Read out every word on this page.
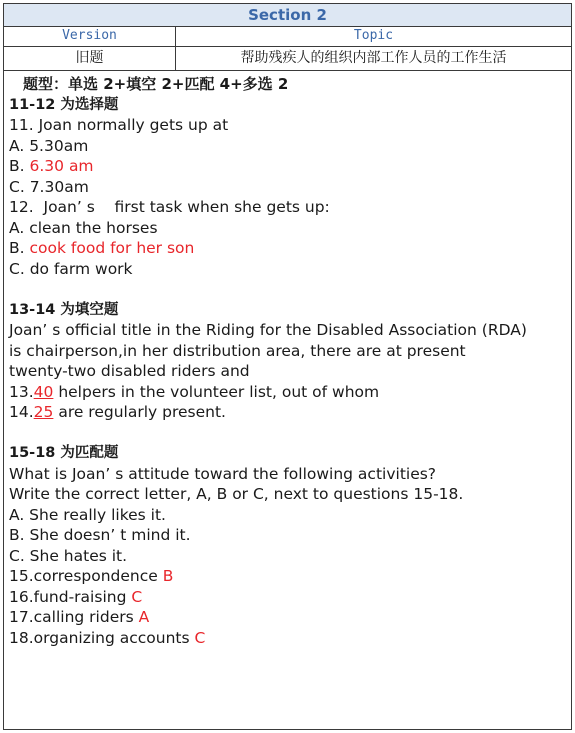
Section 2
Version	Topic
旧题	帮助残疾人的组织内部工作人员的工作生活
题型：单选 2+填空 2+匹配 4+多选 2
11-12 为选择题
11. Joan normally gets up at
A. 5.30am
B. 6.30 am
C. 7.30am
12.  Joan’ s    first task when she gets up:
A. clean the horses
B. cook food for her son
C. do farm work
13-14 为填空题
Joan’ s official title in the Riding for the Disabled Association (RDA)
is chairperson,in her distribution area, there are at present
twenty-two disabled riders and
13.40 helpers in the volunteer list, out of whom
14.25 are regularly present.
15-18 为匹配题
What is Joan’ s attitude toward the following activities?
Write the correct letter, A, B or C, next to questions 15-18.
A. She really likes it.
B. She doesn’ t mind it.
C. She hates it.
15.correspondence B
16.fund-raising C
17.calling riders A
18.organizing accounts C
